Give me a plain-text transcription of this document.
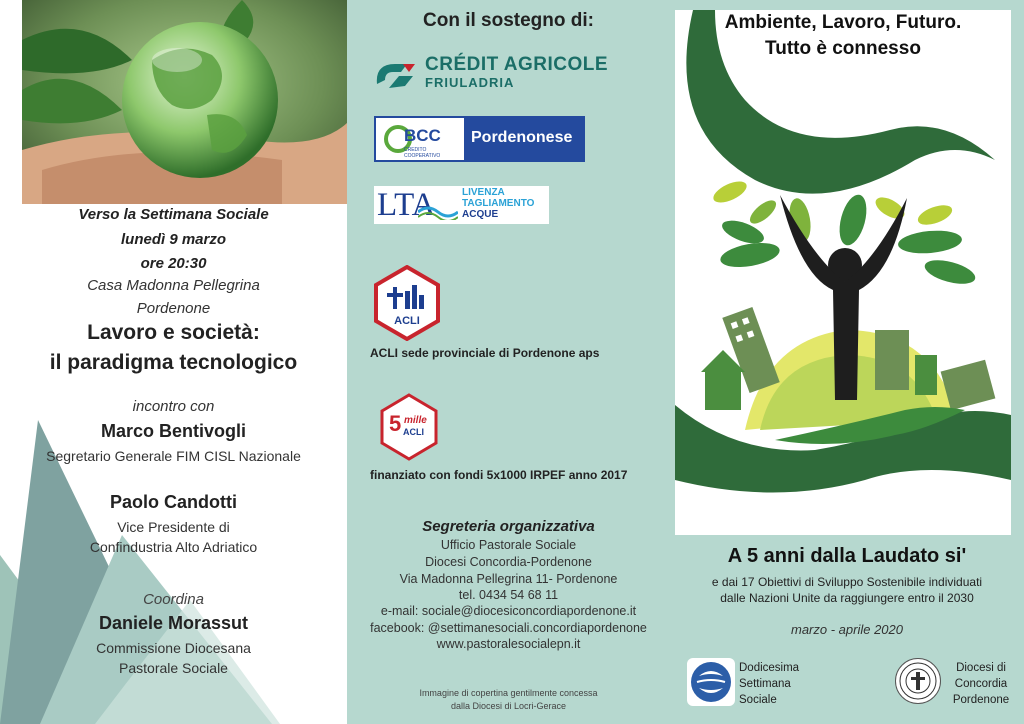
Verso la Settimana Sociale
lunedì 9 marzo
ore 20:30
Casa Madonna Pellegrina
Pordenone
Lavoro e società:
il paradigma tecnologico
incontro con
Marco Bentivogli
Segretario Generale FIM CISL Nazionale
Paolo Candotti
Vice Presidente di
Confindustria Alto Adriatico
Coordina
Daniele Morassut
Commissione Diocesana
Pastorale Sociale
Con il sostegno di:
CRÉDIT AGRICOLE
FRIULADRIA
BCC
CREDITO COOPERATIVO
Pordenonese
LTA	LIVENZA
TAGLIAMENTO
ACQUE
ACLI
ACLI sede provinciale di Pordenone aps
5 mille
ACLI
finanziato con fondi 5x1000 IRPEF anno 2017
Segreteria organizzativa
Ufficio Pastorale Sociale
Diocesi Concordia-Pordenone
Via Madonna Pellegrina 11- Pordenone
tel. 0434 54 68 11
e-mail: sociale@diocesiconcordiapordenone.it
facebook: @settimanesociali.concordiapordenone
www.pastoralesocialepn.it
Immagine di copertina gentilmente concessa
dalla Diocesi di Locri-Gerace
Ambiente, Lavoro, Futuro.
Tutto è connesso
A 5 anni dalla Laudato si'
e dai 17 Obiettivi di Sviluppo Sostenibile individuati
dalle Nazioni Unite da raggiungere entro il 2030
marzo - aprile 2020
Dodicesima
Settimana
Sociale
Diocesi di
Concordia
Pordenone
